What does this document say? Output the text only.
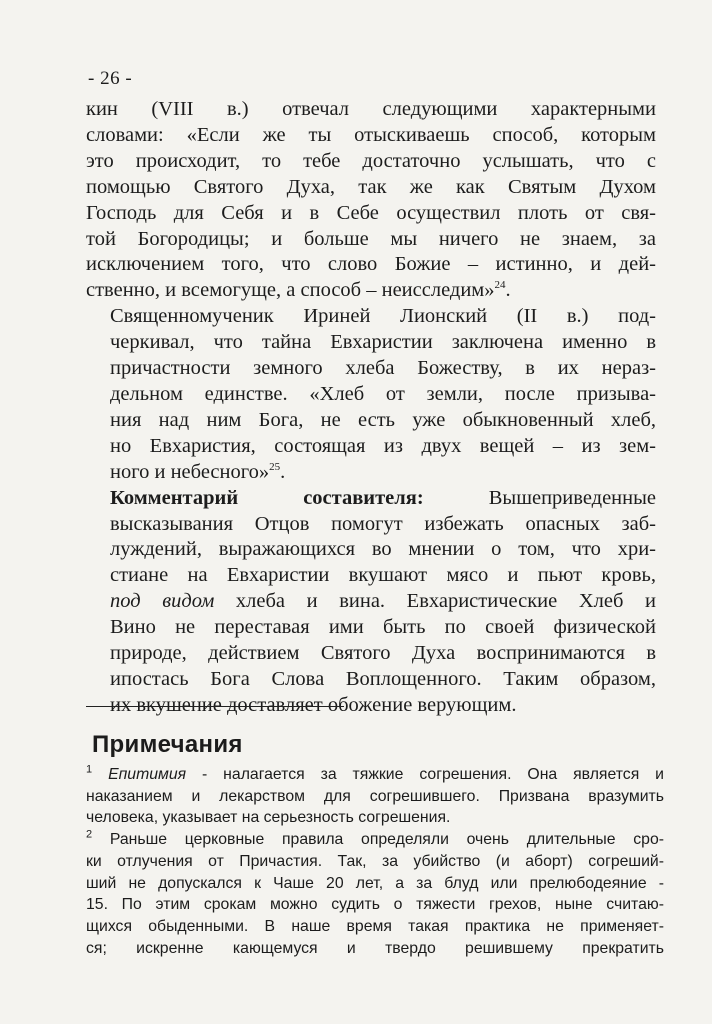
- 26 -

кин (VIII в.) отвечал следующими характерными
словами: «Если же ты отыскиваешь способ, которым
это происходит, то тебе достаточно услышать, что с
помощью Святого Духа, так же как Святым Духом
Господь для Себя и в Себе осуществил плоть от свя-
той Богородицы; и больше мы ничего не знаем, за
исключением того, что слово Божие – истинно, и дей-
ственно, и всемогуще, а способ – неисследим»$^{24}$.

Священномученик Ириней Лионский (II в.) под-
черкивал, что тайна Евхаристии заключена именно в
причастности земного хлеба Божеству, в их нераз-
дельном единстве. «Хлеб от земли, после призыва-
ния над ним Бога, не есть уже обыкновенный хлеб,
но Евхаристия, состоящая из двух вещей – из зем-
ного и небесного»$^{25}$.

Комментарий составителя: Вышеприведенные
высказывания Отцов помогут избежать опасных заб-
луждений, выражающихся во мнении о том, что хри-
стиане на Евхаристии вкушают мясо и пьют кровь,
под видом хлеба и вина. Евхаристические Хлеб и
Вино не переставая ими быть по своей физической
природе, действием Святого Духа воспринимаются в
ипостась Бога Слова Воплощенного. Таким образом,
их вкушение доставляет обожение верующим.

Примечания
$^1$ Епитимия - налагается за тяжкие согрешения. Она является и
наказанием и лекарством для согрешившего. Призвана вразумить
человека, указывает на серьезность согрешения.
$^2$ Раньше церковные правила определяли очень длительные сро-
ки отлучения от Причастия. Так, за убийство (и аборт) согреший-
ший не допускался к Чаше 20 лет, а за блуд или прелюбодеяние -
15. По этим срокам можно судить о тяжести грехов, ныне считаю-
щихся обыденными. В наше время такая практика не применяет-
ся; искренне кающемуся и твердо решившему прекратить
